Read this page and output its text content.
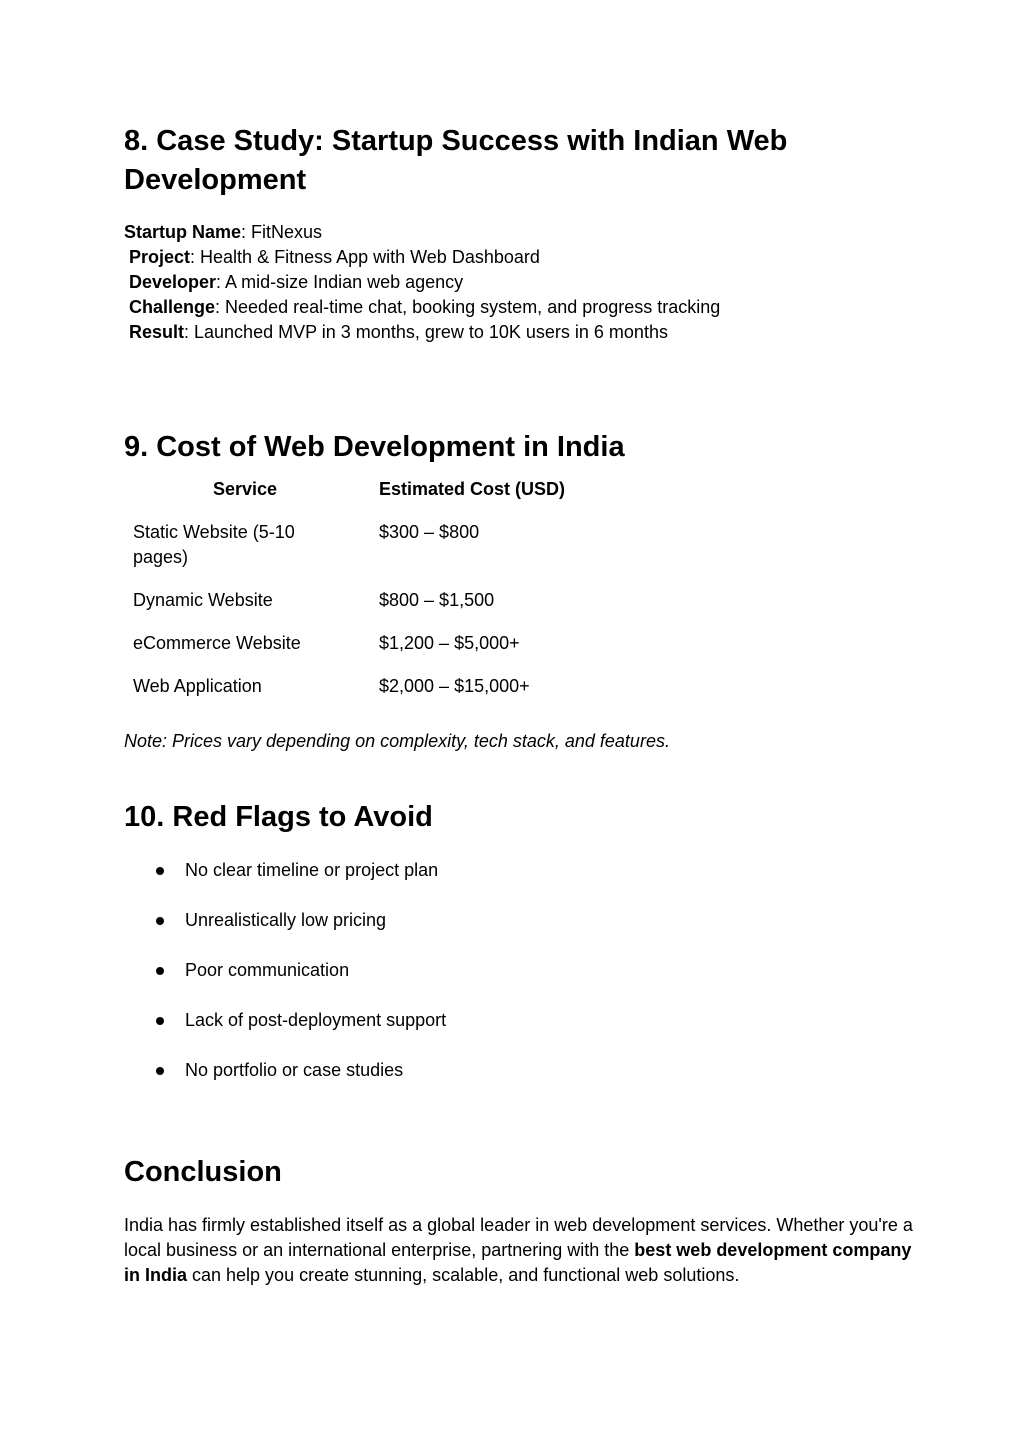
8. Case Study: Startup Success with Indian Web
Development
Startup Name: FitNexus
Project: Health & Fitness App with Web Dashboard
Developer: A mid-size Indian web agency
Challenge: Needed real-time chat, booking system, and progress tracking
Result: Launched MVP in 3 months, grew to 10K users in 6 months
9. Cost of Web Development in India
Service	Estimated Cost (USD)
Static Website (5-10
pages)
$300 – $800
Dynamic Website	$800 – $1,500
eCommerce Website	$1,200 – $5,000+
Web Application	$2,000 – $15,000+
Note: Prices vary depending on complexity, tech stack, and features.
10. Red Flags to Avoid
No clear timeline or project plan
Unrealistically low pricing
Poor communication
Lack of post-deployment support
No portfolio or case studies
Conclusion
India has firmly established itself as a global leader in web development services. Whether you're a local business or an international enterprise, partnering with the best web development company in India can help you create stunning, scalable, and functional web solutions.
